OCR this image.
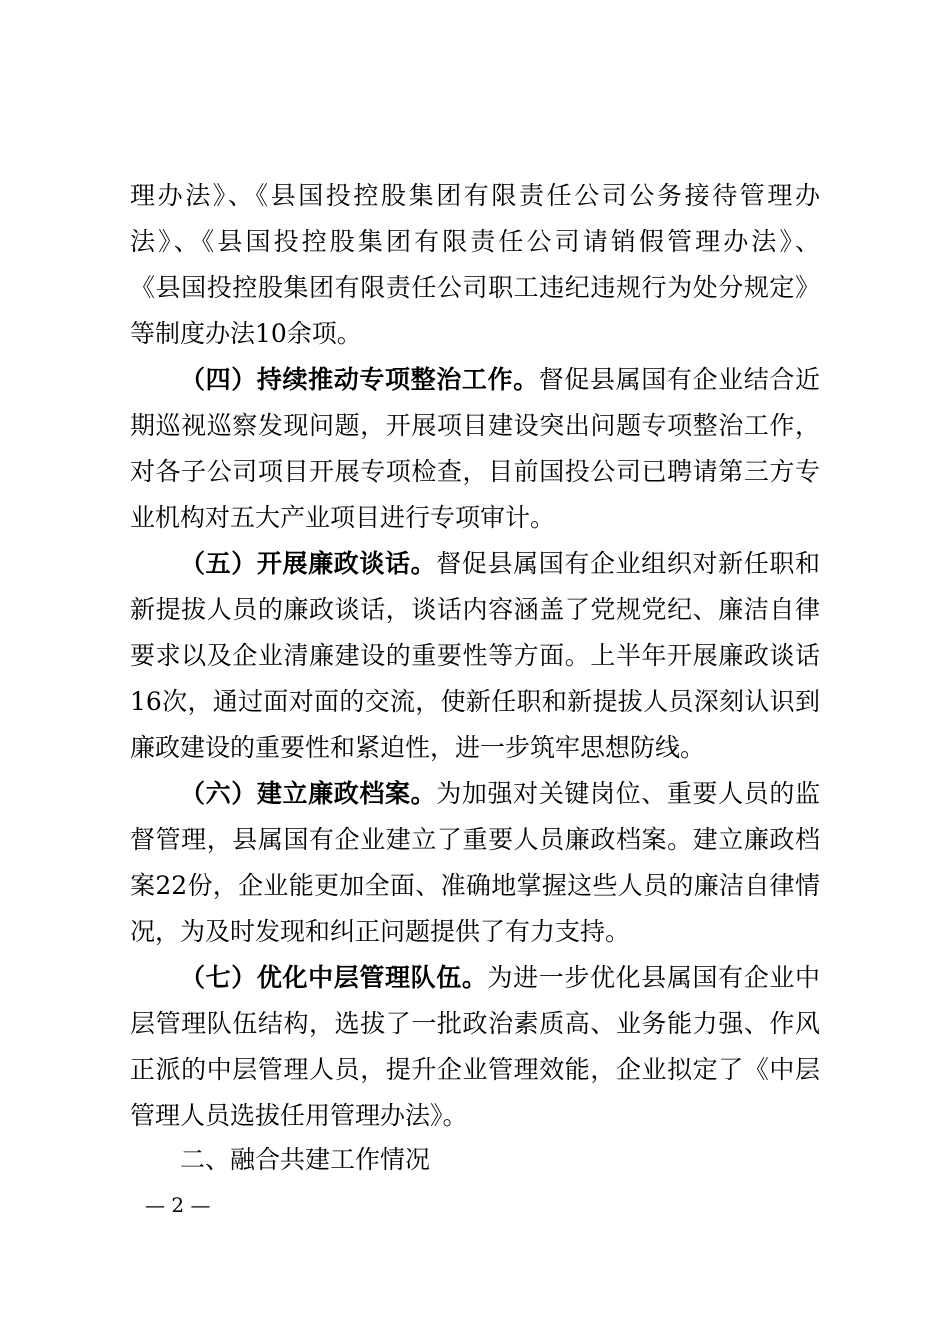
理办法》、《县国投控股集团有限责任公司公务接待管理办
法》、《县国投控股集团有限责任公司请销假管理办法》、
《县国投控股集团有限责任公司职工违纪违规行为处分规定》
等制度办法10余项。
（四）持续推动专项整治工作。督促县属国有企业结合近
期巡视巡察发现问题，开展项目建设突出问题专项整治工作，
对各子公司项目开展专项检查，目前国投公司已聘请第三方专
业机构对五大产业项目进行专项审计。
（五）开展廉政谈话。督促县属国有企业组织对新任职和
新提拔人员的廉政谈话，谈话内容涵盖了党规党纪、廉洁自律
要求以及企业清廉建设的重要性等方面。上半年开展廉政谈话
16次，通过面对面的交流，使新任职和新提拔人员深刻认识到
廉政建设的重要性和紧迫性，进一步筑牢思想防线。
（六）建立廉政档案。为加强对关键岗位、重要人员的监
督管理，县属国有企业建立了重要人员廉政档案。建立廉政档
案22份，企业能更加全面、准确地掌握这些人员的廉洁自律情
况，为及时发现和纠正问题提供了有力支持。
（七）优化中层管理队伍。为进一步优化县属国有企业中
层管理队伍结构，选拔了一批政治素质高、业务能力强、作风
正派的中层管理人员，提升企业管理效能，企业拟定了《中层
管理人员选拔任用管理办法》。
二、融合共建工作情况
— 2 —
